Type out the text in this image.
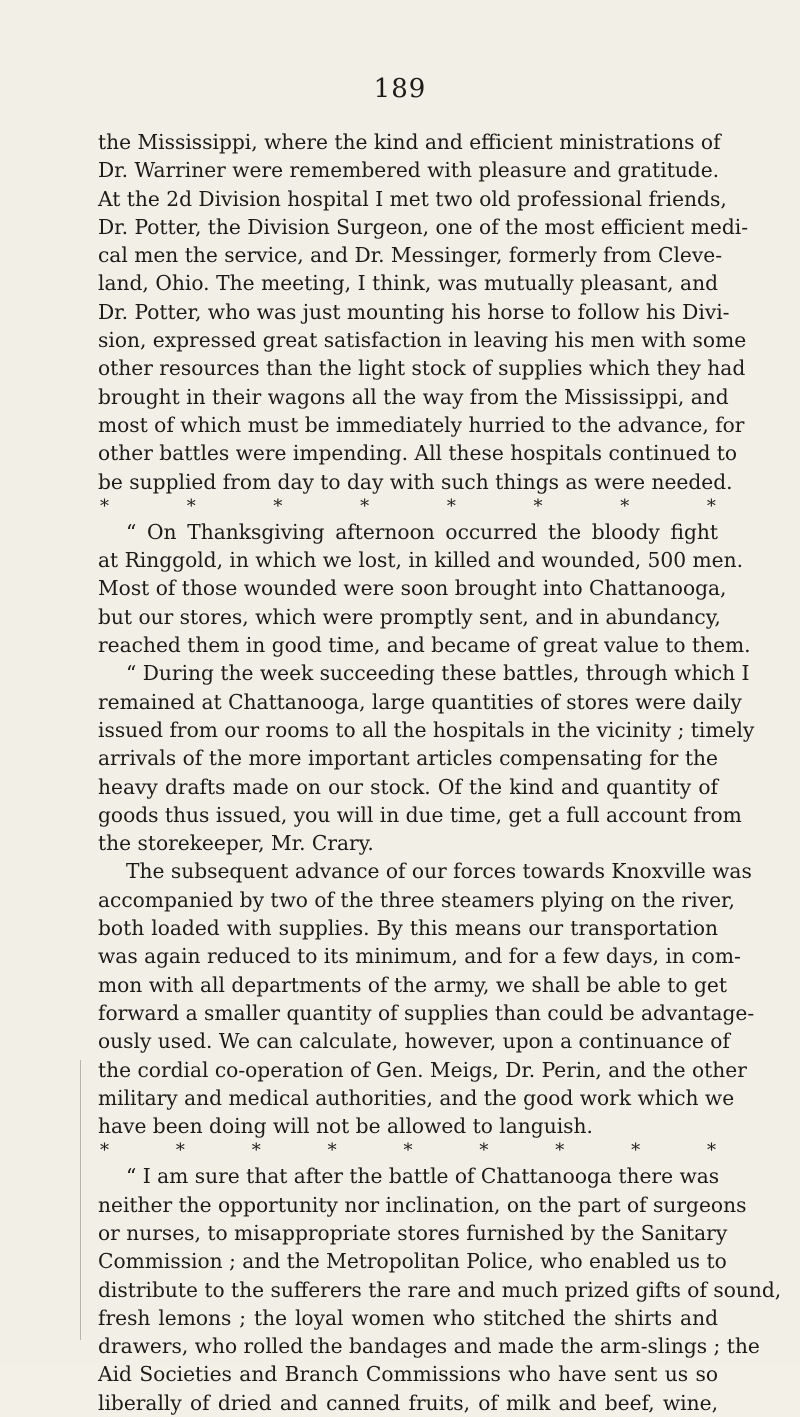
189
the Mississippi, where the kind and efficient ministrations of
Dr. Warriner were remembered with pleasure and gratitude.
At the 2d Division hospital I met two old professional friends,
Dr. Potter, the Division Surgeon, one of the most efficient medi-
cal men the service, and Dr. Messinger, formerly from Cleve-
land, Ohio. The meeting, I think, was mutually pleasant, and
Dr. Potter, who was just mounting his horse to follow his Divi-
sion, expressed great satisfaction in leaving his men with some
other resources than the light stock of supplies which they had
brought in their wagons all the way from the Mississippi, and
most of which must be immediately hurried to the advance, for
other battles were impending. All these hospitals continued to
be supplied from day to day with such things as were needed.
*	*	*	*	*	*	*	*
“ On Thanksgiving afternoon occurred the bloody fight
at Ringgold, in which we lost, in killed and wounded, 500 men.
Most of those wounded were soon brought into Chattanooga,
but our stores, which were promptly sent, and in abundancy,
reached them in good time, and became of great value to them.
“ During the week succeeding these battles, through which I
remained at Chattanooga, large quantities of stores were daily
issued from our rooms to all the hospitals in the vicinity ; timely
arrivals of the more important articles compensating for the
heavy drafts made on our stock. Of the kind and quantity of
goods thus issued, you will in due time, get a full account from
the storekeeper, Mr. Crary.
The subsequent advance of our forces towards Knoxville was
accompanied by two of the three steamers plying on the river,
both loaded with supplies. By this means our transportation
was again reduced to its minimum, and for a few days, in com-
mon with all departments of the army, we shall be able to get
forward a smaller quantity of supplies than could be advantage-
ously used. We can calculate, however, upon a continuance of
the cordial co-operation of Gen. Meigs, Dr. Perin, and the other
military and medical authorities, and the good work which we
have been doing will not be allowed to languish.
*	*	*	*	*	*	*	*	*
“ I am sure that after the battle of Chattanooga there was
neither the opportunity nor inclination, on the part of surgeons
or nurses, to misappropriate stores furnished by the Sanitary
Commission ; and the Metropolitan Police, who enabled us to
distribute to the sufferers the rare and much prized gifts of sound,
fresh lemons ; the loyal women who stitched the shirts and
drawers, who rolled the bandages and made the arm-slings ; the
Aid Societies and Branch Commissions who have sent us so
liberally of dried and canned fruits, of milk and beef, wine,
